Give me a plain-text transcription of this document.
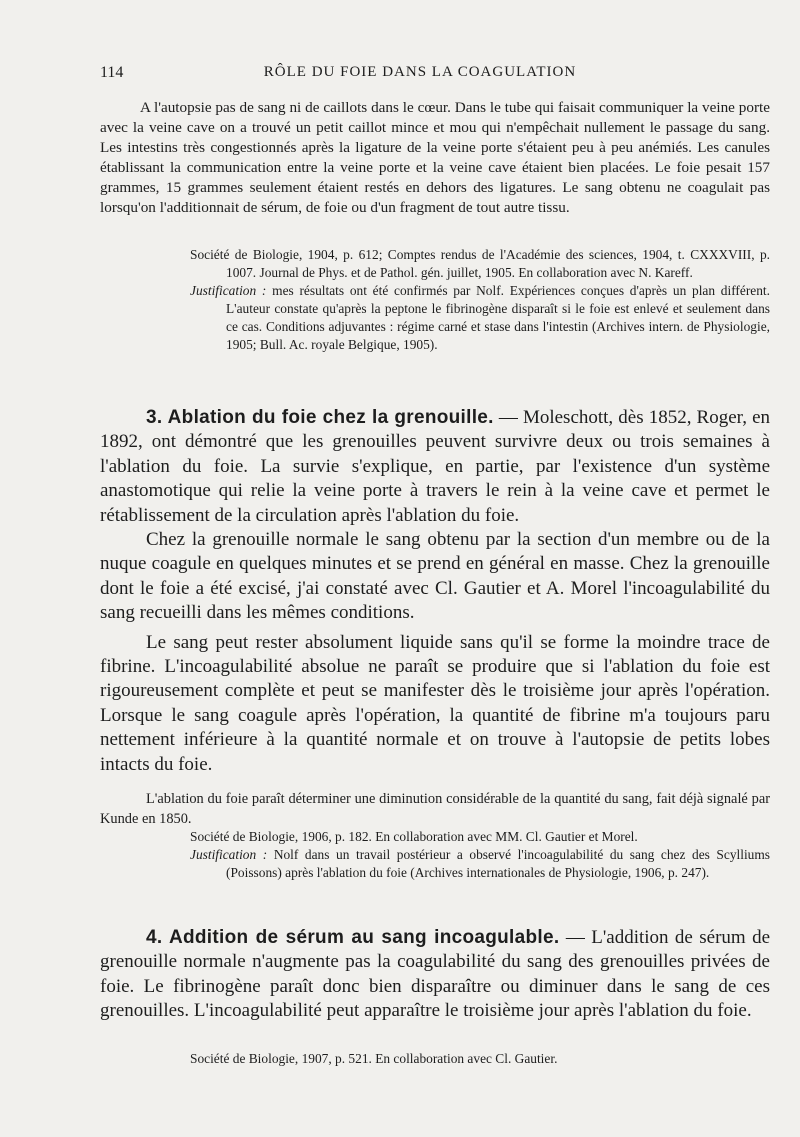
114	RÔLE DU FOIE DANS LA COAGULATION

A l'autopsie pas de sang ni de caillots dans le cœur. Dans le tube qui faisait communiquer la veine porte avec la veine cave on a trouvé un petit caillot mince et mou qui n'empêchait nullement le passage du sang. Les intestins très congestionnés après la ligature de la veine porte s'étaient peu à peu anémiés. Les canules établissant la communication entre la veine porte et la veine cave étaient bien placées. Le foie pesait 157 grammes, 15 grammes seulement étaient restés en dehors des ligatures. Le sang obtenu ne coagulait pas lorsqu'on l'additionnait de sérum, de foie ou d'un fragment de tout autre tissu.

Société de Biologie, 1904, p. 612; Comptes rendus de l'Académie des sciences, 1904, t. CXXXVIII, p. 1007. Journal de Phys. et de Pathol. gén. juillet, 1905. En collaboration avec N. Kareff.

Justification : mes résultats ont été confirmés par Nolf. Expériences conçues d'après un plan différent. L'auteur constate qu'après la peptone le fibrinogène disparaît si le foie est enlevé et seulement dans ce cas. Conditions adjuvantes : régime carné et stase dans l'intestin (Archives intern. de Physiologie, 1905; Bull. Ac. royale Belgique, 1905).

3. Ablation du foie chez la grenouille. — Moleschott, dès 1852, Roger, en 1892, ont démontré que les grenouilles peuvent survivre deux ou trois semaines à l'ablation du foie. La survie s'explique, en partie, par l'existence d'un système anastomotique qui relie la veine porte à travers le rein à la veine cave et permet le rétablissement de la circulation après l'ablation du foie.

Chez la grenouille normale le sang obtenu par la section d'un membre ou de la nuque coagule en quelques minutes et se prend en général en masse. Chez la grenouille dont le foie a été excisé, j'ai constaté avec Cl. Gautier et A. Morel l'incoagulabilité du sang recueilli dans les mêmes conditions.

Le sang peut rester absolument liquide sans qu'il se forme la moindre trace de fibrine. L'incoagulabilité absolue ne paraît se produire que si l'ablation du foie est rigoureusement complète et peut se manifester dès le troisième jour après l'opération. Lorsque le sang coagule après l'opération, la quantité de fibrine m'a toujours paru nettement inférieure à la quantité normale et on trouve à l'autopsie de petits lobes intacts du foie.

L'ablation du foie paraît déterminer une diminution considérable de la quantité du sang, fait déjà signalé par Kunde en 1850.

Société de Biologie, 1906, p. 182. En collaboration avec MM. Cl. Gautier et Morel.

Justification : Nolf dans un travail postérieur a observé l'incoagulabilité du sang chez des Scylliums (Poissons) après l'ablation du foie (Archives internationales de Physiologie, 1906, p. 247).

4. Addition de sérum au sang incoagulable. — L'addition de sérum de grenouille normale n'augmente pas la coagulabilité du sang des grenouilles privées de foie. Le fibrinogène paraît donc bien disparaître ou diminuer dans le sang de ces grenouilles. L'incoagulabilité peut apparaître le troisième jour après l'ablation du foie.

Société de Biologie, 1907, p. 521. En collaboration avec Cl. Gautier.
